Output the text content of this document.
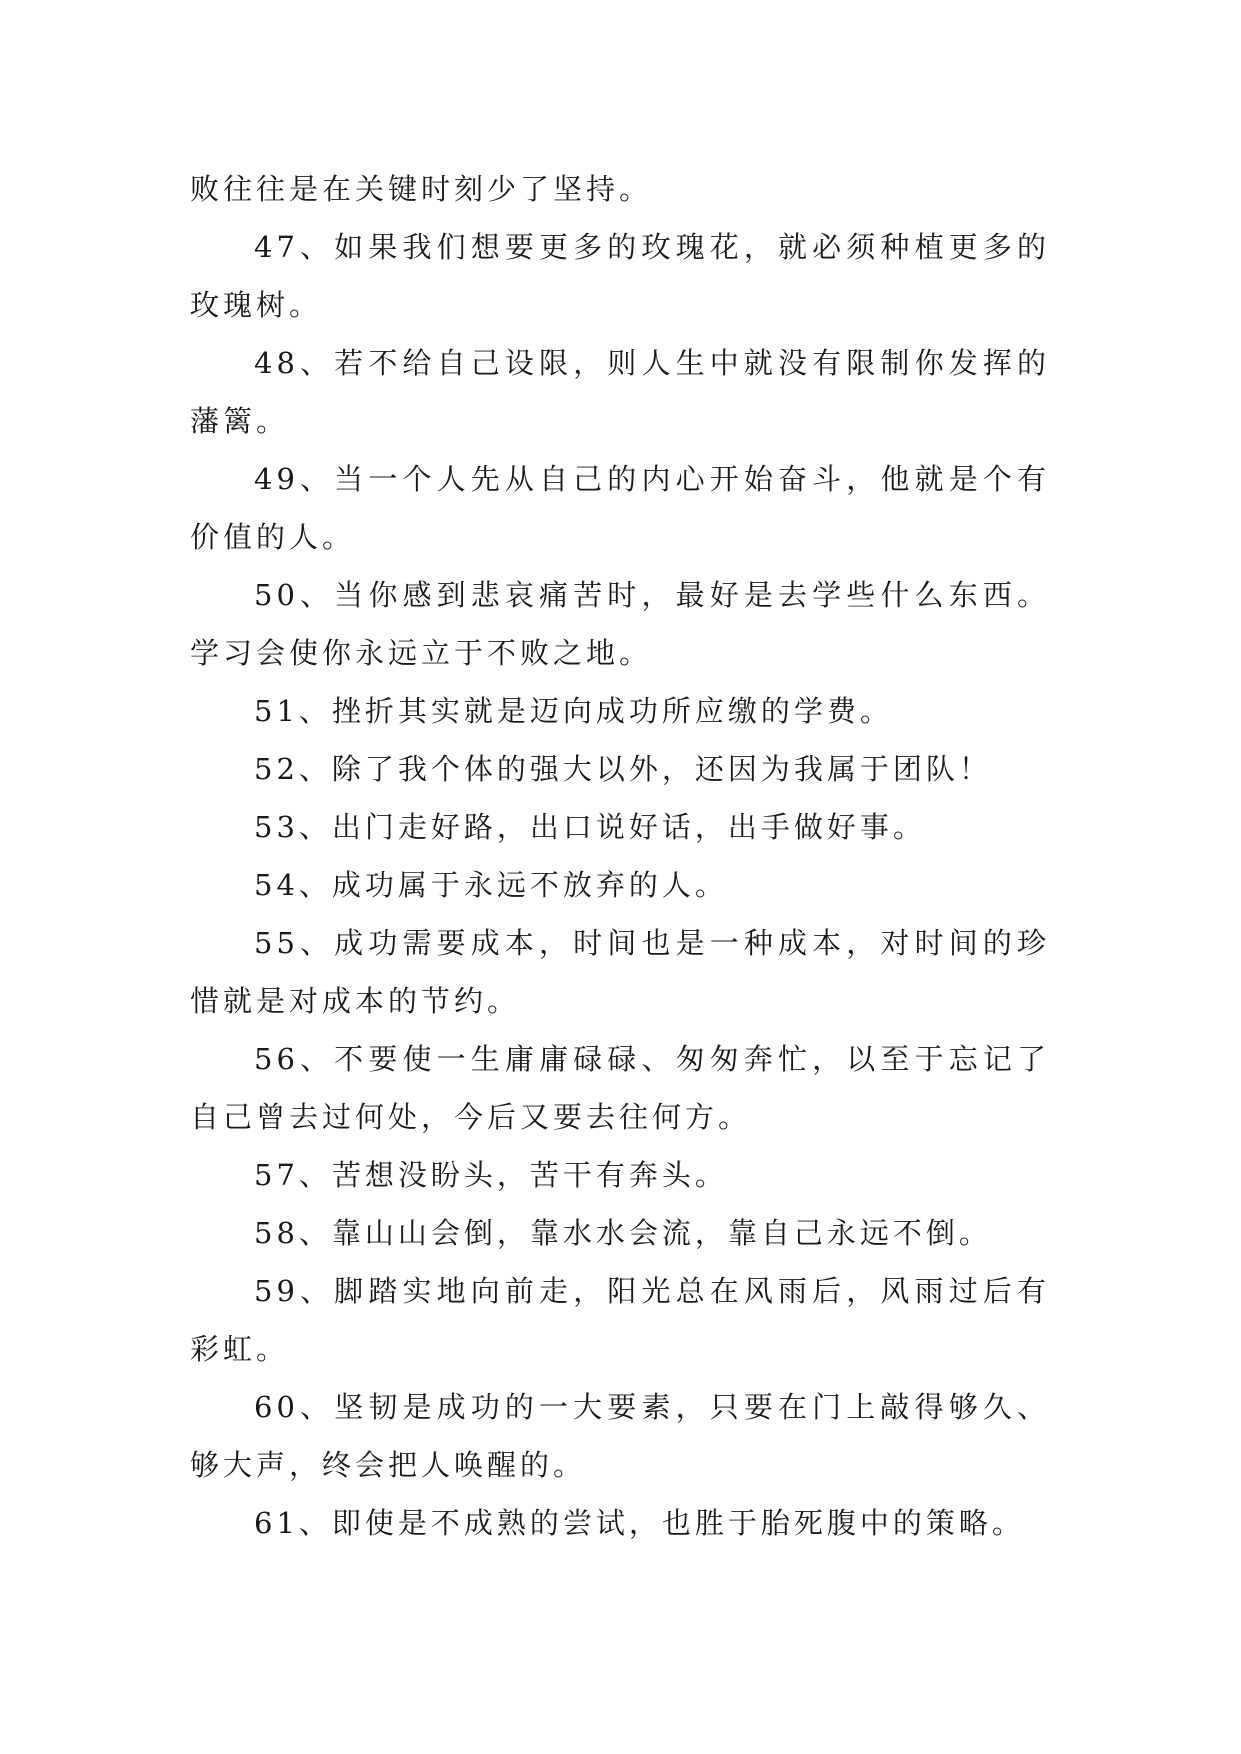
败往往是在关键时刻少了坚持。

47、如果我们想要更多的玫瑰花，就必须种植更多的玫瑰树。

48、若不给自己设限，则人生中就没有限制你发挥的藩篱。

49、当一个人先从自己的内心开始奋斗，他就是个有价值的人。

50、当你感到悲哀痛苦时，最好是去学些什么东西。学习会使你永远立于不败之地。

51、挫折其实就是迈向成功所应缴的学费。

52、除了我个体的强大以外，还因为我属于团队！

53、出门走好路，出口说好话，出手做好事。

54、成功属于永远不放弃的人。

55、成功需要成本，时间也是一种成本，对时间的珍惜就是对成本的节约。

56、不要使一生庸庸碌碌、匆匆奔忙，以至于忘记了自己曾去过何处，今后又要去往何方。

57、苦想没盼头，苦干有奔头。

58、靠山山会倒，靠水水会流，靠自己永远不倒。

59、脚踏实地向前走，阳光总在风雨后，风雨过后有彩虹。

60、坚韧是成功的一大要素，只要在门上敲得够久、够大声，终会把人唤醒的。

61、即使是不成熟的尝试，也胜于胎死腹中的策略。
